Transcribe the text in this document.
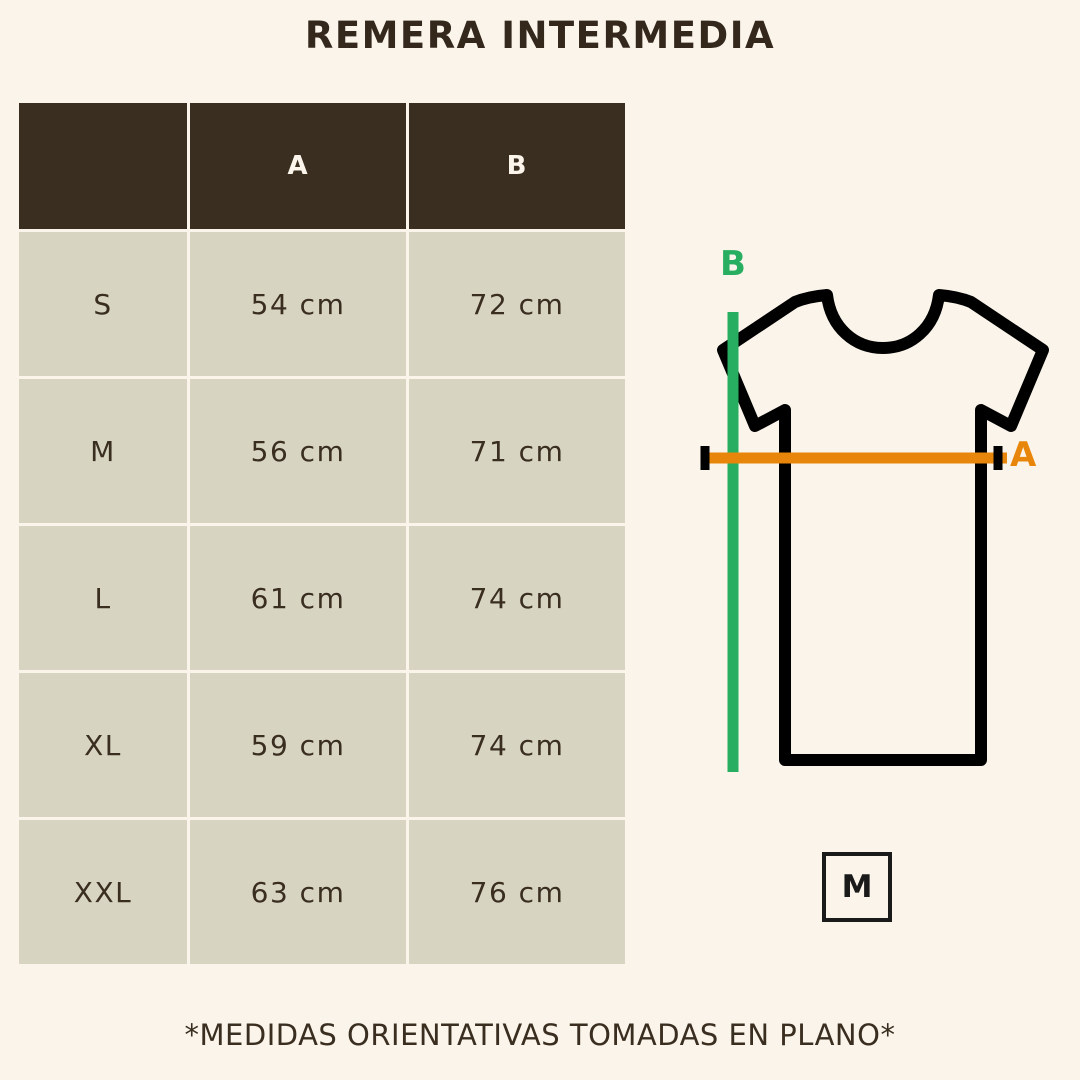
REMERA INTERMEDIA
	A	B
S	54 cm	72 cm
M	56 cm	71 cm
L	61 cm	74 cm
XL	59 cm	74 cm
XXL	63 cm	76 cm
B
A
M
*MEDIDAS ORIENTATIVAS TOMADAS EN PLANO*
